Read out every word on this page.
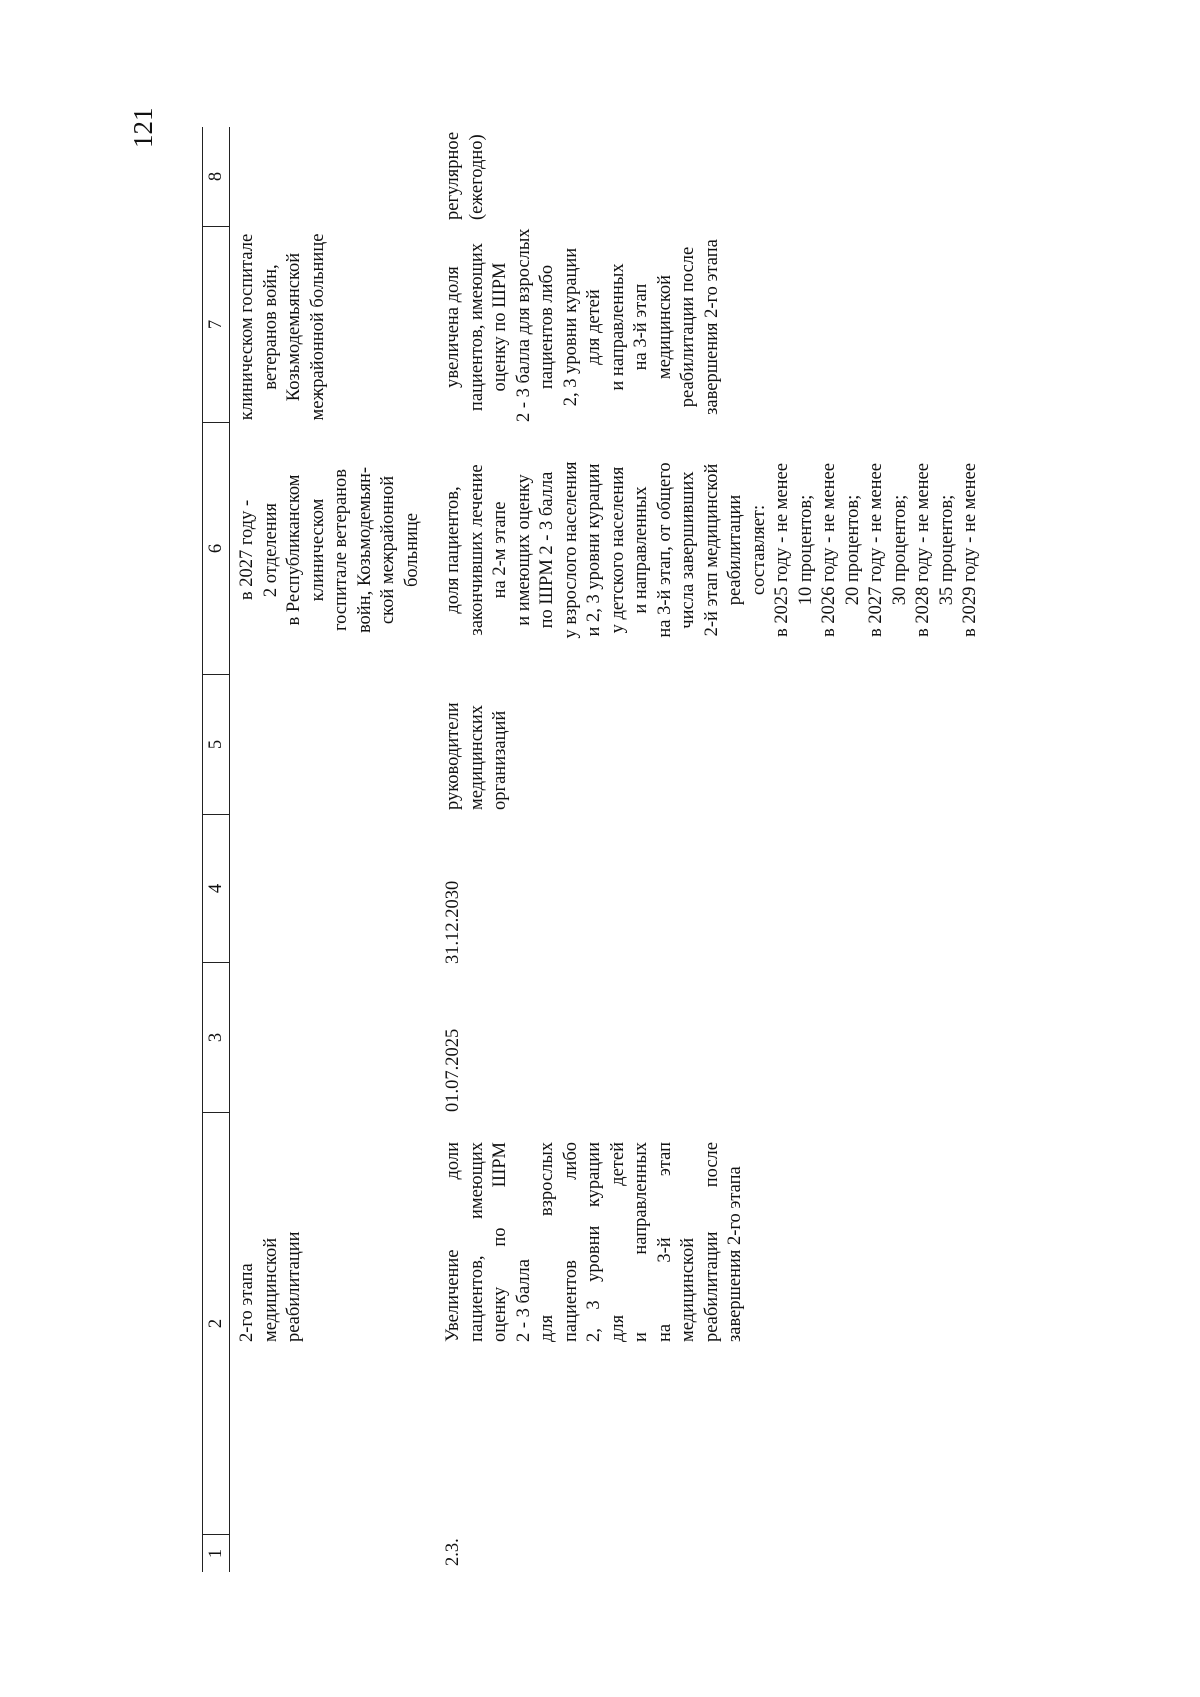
121
1
2
3
4
5
6
7
8
2-го этапа медицинской реабилитации
в 2027 году - 2 отделения в Республиканском клиническом госпитале ветеранов войн, Козьмодемьян- ской межрайонной больнице
клиническом госпитале ветеранов войн, Козьмодемьянской межрайонной больнице
2.3.
Увеличение доли пациентов, имеющих оценку по ШРМ 2 - 3 балла для взрослых пациентов либо 2, 3 уровни курации для детей и направленных на 3-й этап медицинской реабилитации после завершения 2-го этапа
01.07.2025
31.12.2030
руководители медицинских организаций
доля пациентов, закончивших лечение на 2-м этапе и имеющих оценку по ШРМ 2 - 3 балла у взрослого населения и 2, 3 уровни курации у детского населения и направленных на 3-й этап, от общего числа завершивших 2-й этап медицинской реабилитации составляет: в 2025 году - не менее 10 процентов; в 2026 году - не менее 20 процентов; в 2027 году - не менее 30 процентов; в 2028 году - не менее 35 процентов; в 2029 году - не менее
увеличена доля пациентов, имеющих оценку по ШРМ 2 - 3 балла для взрослых пациентов либо 2, 3 уровни курации для детей и направленных на 3-й этап медицинской реабилитации после завершения 2-го этапа
регулярное (ежегодно)
